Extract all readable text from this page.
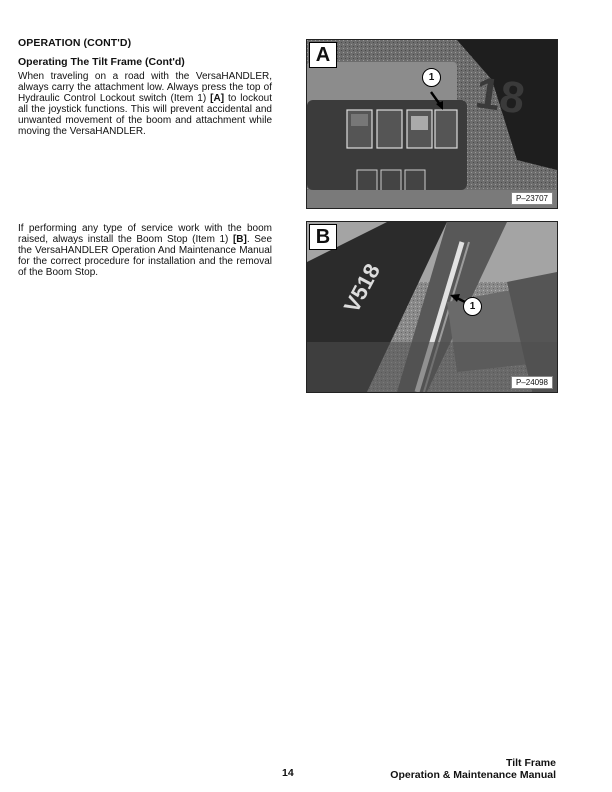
OPERATION (CONT'D)
Operating The Tilt Frame (Cont'd)
When traveling on a road with the VersaHANDLER, always carry the attachment low. Always press the top of Hydraulic Control Lockout switch (Item 1) [A] to lockout all the joystick functions. This will prevent accidental and unwanted movement of the boom and attachment while moving the VersaHANDLER.
If performing any type of service work with the boom raised, always install the Boom Stop (Item 1) [B]. See the VersaHANDLER Operation And Maintenance Manual for the correct procedure for installation and the removal of the Boom Stop.
18
A
1
P–23707
V518
B
1
P–24098
14
Tilt Frame
Operation & Maintenance Manual
